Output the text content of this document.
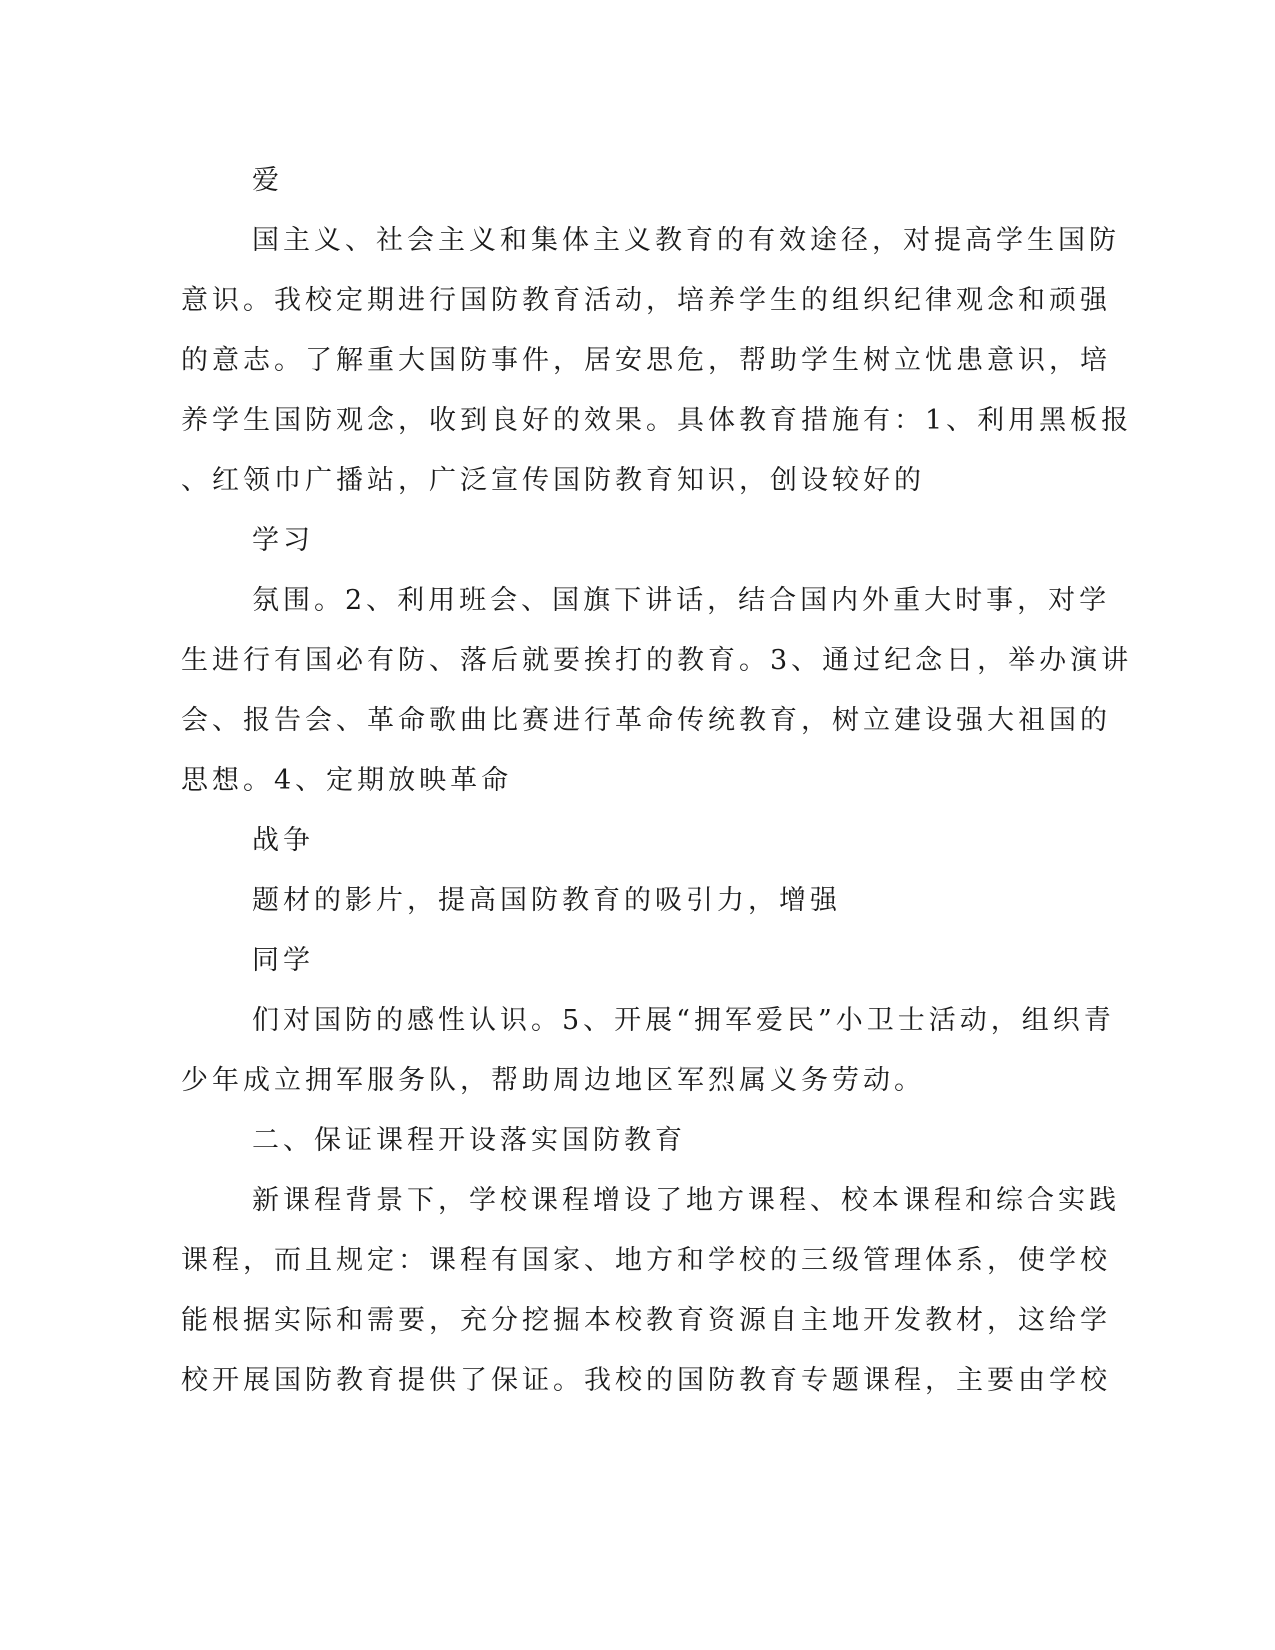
爱
国主义、社会主义和集体主义教育的有效途径，对提高学生国防
意识。我校定期进行国防教育活动，培养学生的组织纪律观念和顽强
的意志。了解重大国防事件，居安思危，帮助学生树立忧患意识，培
养学生国防观念，收到良好的效果。具体教育措施有：1、利用黑板报
、红领巾广播站，广泛宣传国防教育知识，创设较好的
学习
氛围。2、利用班会、国旗下讲话，结合国内外重大时事，对学
生进行有国必有防、落后就要挨打的教育。3、通过纪念日，举办演讲
会、报告会、革命歌曲比赛进行革命传统教育，树立建设强大祖国的
思想。4、定期放映革命
战争
题材的影片，提高国防教育的吸引力，增强
同学
们对国防的感性认识。5、开展“拥军爱民”小卫士活动，组织青
少年成立拥军服务队，帮助周边地区军烈属义务劳动。
二、保证课程开设落实国防教育
新课程背景下，学校课程增设了地方课程、校本课程和综合实践
课程，而且规定：课程有国家、地方和学校的三级管理体系，使学校
能根据实际和需要，充分挖掘本校教育资源自主地开发教材，这给学
校开展国防教育提供了保证。我校的国防教育专题课程，主要由学校
